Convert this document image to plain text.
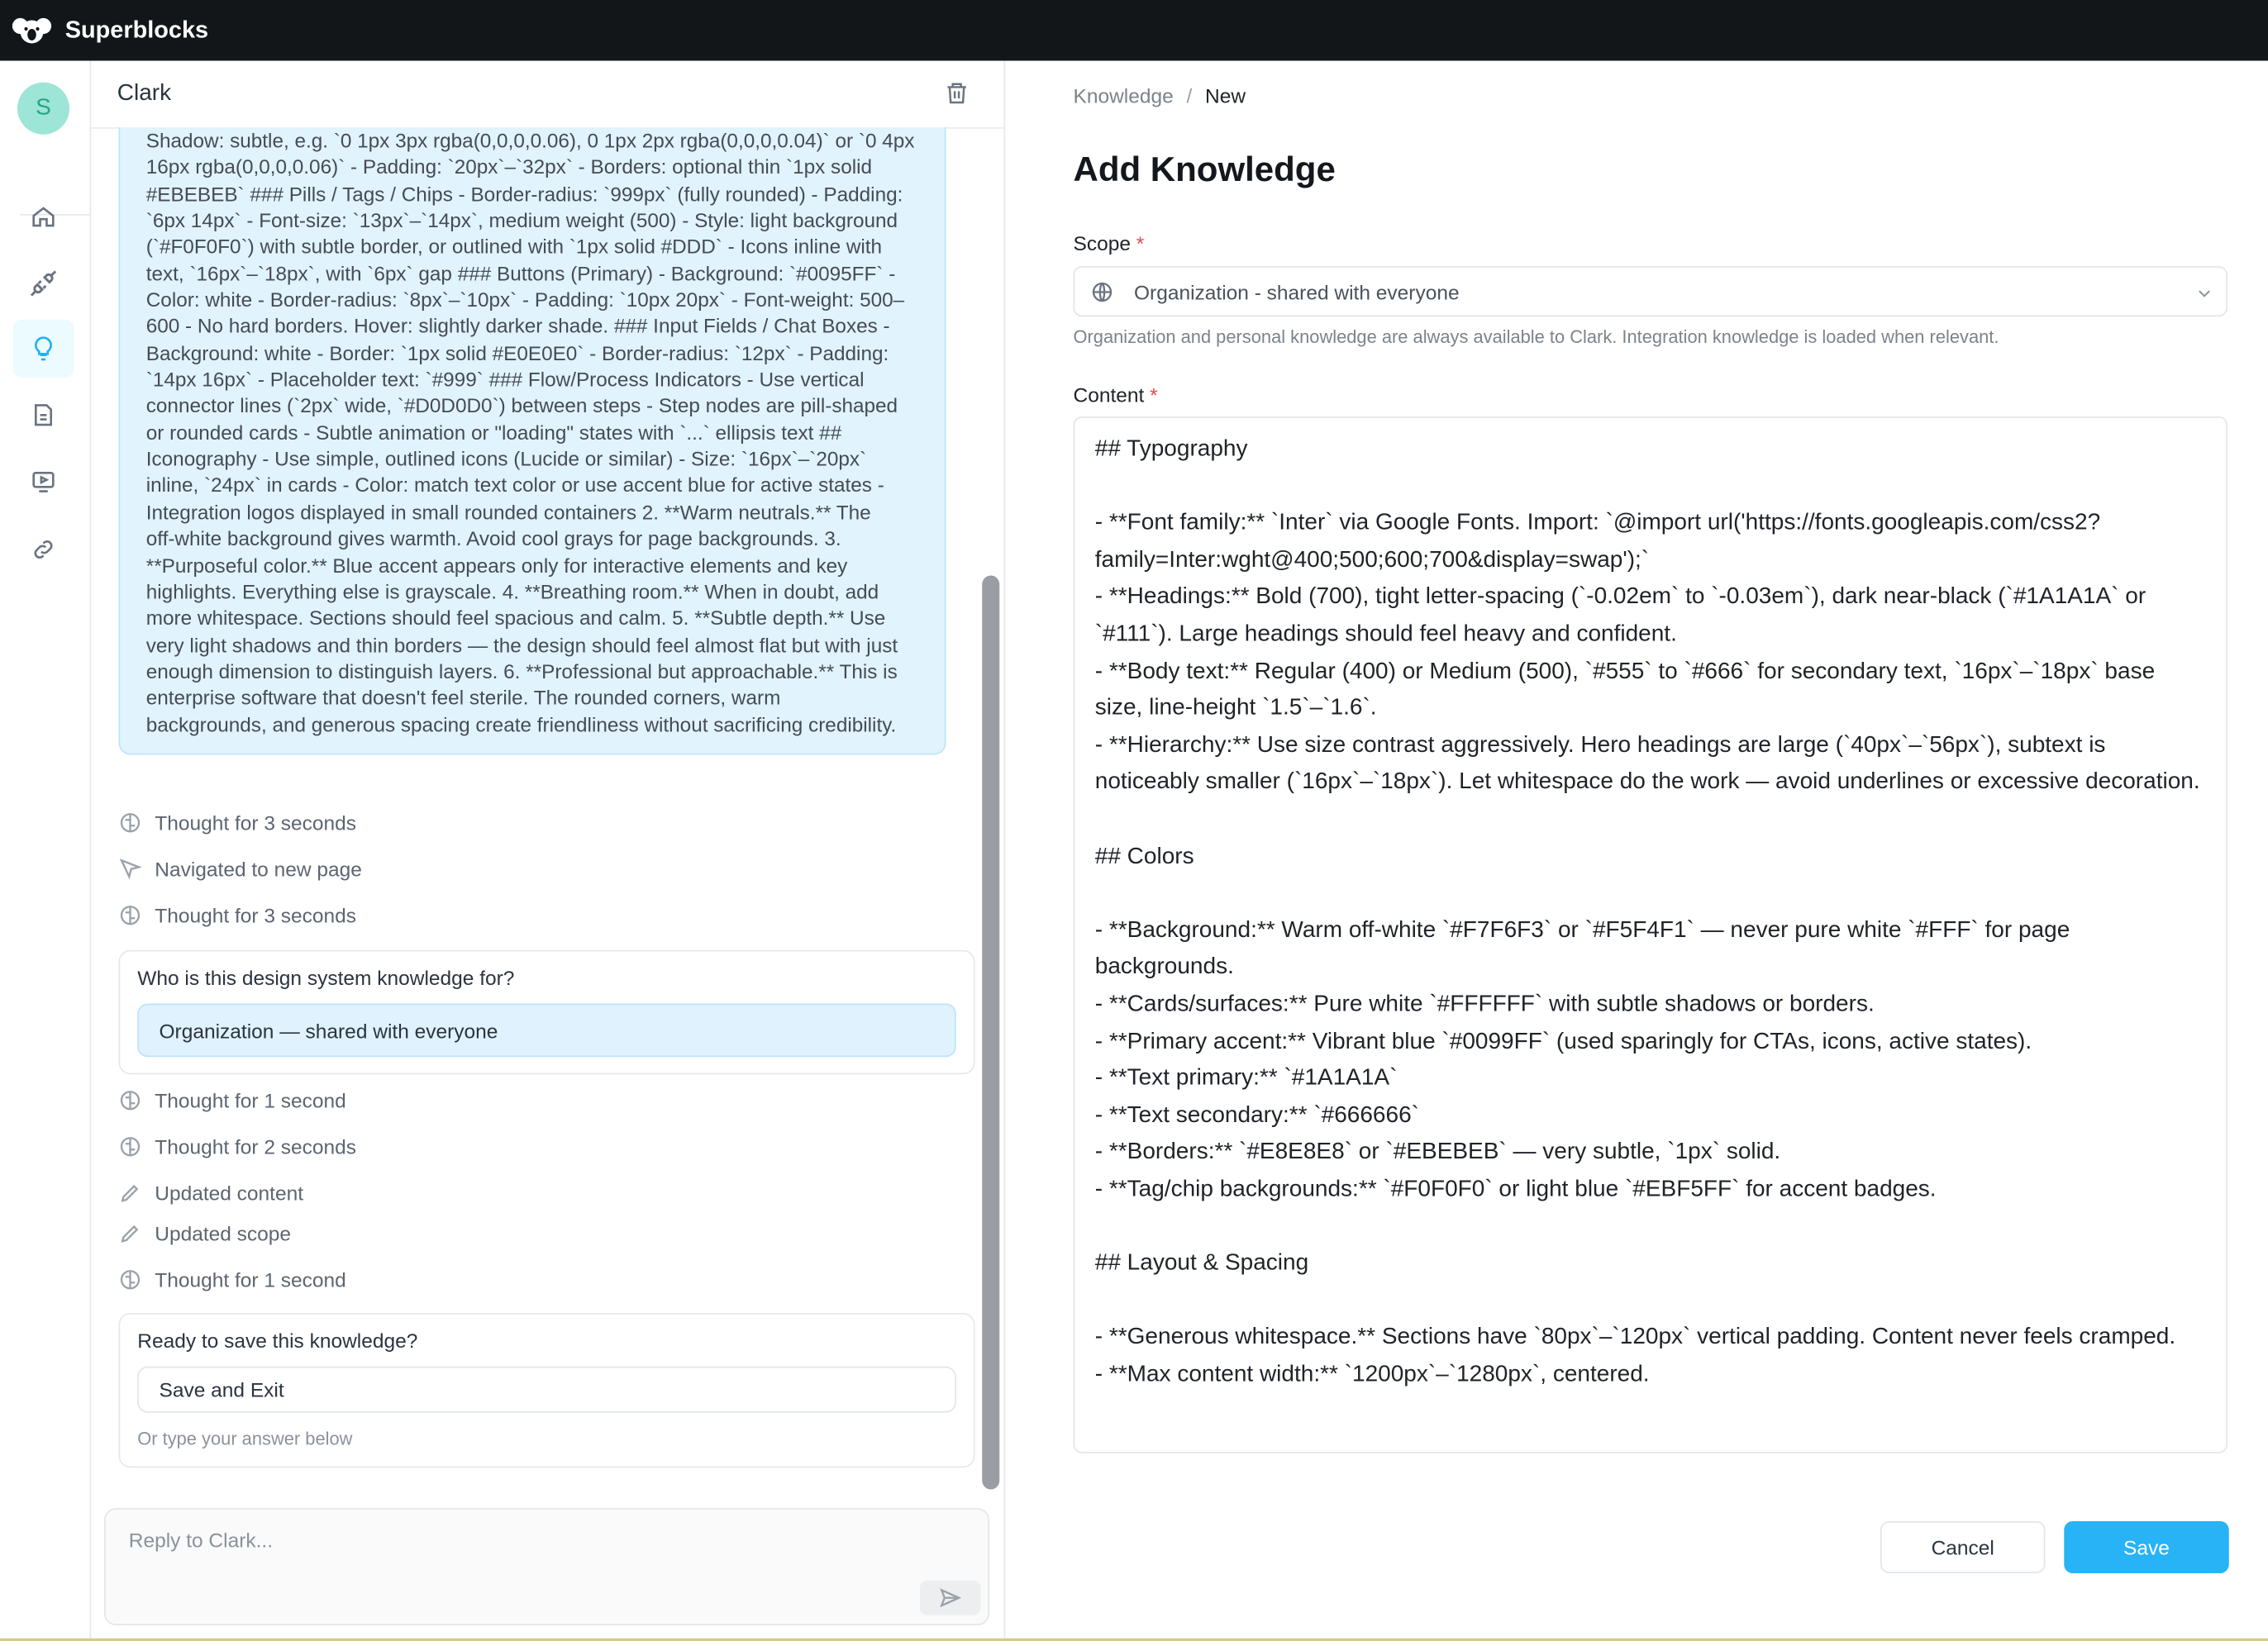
Superblocks
S
Clark
Shadow: subtle, e.g. `0 1px 3px rgba(0,0,0,0.06), 0 1px 2px rgba(0,0,0,0.04)` or `0 4px
16px rgba(0,0,0,0.06)` - Padding: `20px`–`32px` - Borders: optional thin `1px solid
#EBEBEB` ### Pills / Tags / Chips - Border-radius: `999px` (fully rounded) - Padding:
`6px 14px` - Font-size: `13px`–`14px`, medium weight (500) - Style: light background
(`#F0F0F0`) with subtle border, or outlined with `1px solid #DDD` - Icons inline with
text, `16px`–`18px`, with `6px` gap ### Buttons (Primary) - Background: `#0095FF` -
Color: white - Border-radius: `8px`–`10px` - Padding: `10px 20px` - Font-weight: 500–
600 - No hard borders. Hover: slightly darker shade. ### Input Fields / Chat Boxes -
Background: white - Border: `1px solid #E0E0E0` - Border-radius: `12px` - Padding:
`14px 16px` - Placeholder text: `#999` ### Flow/Process Indicators - Use vertical
connector lines (`2px` wide, `#D0D0D0`) between steps - Step nodes are pill-shaped
or rounded cards - Subtle animation or "loading" states with `...` ellipsis text ##
Iconography - Use simple, outlined icons (Lucide or similar) - Size: `16px`–`20px`
inline, `24px` in cards - Color: match text color or use accent blue for active states -
Integration logos displayed in small rounded containers 2. **Warm neutrals.** The
off-white background gives warmth. Avoid cool grays for page backgrounds. 3.
**Purposeful color.** Blue accent appears only for interactive elements and key
highlights. Everything else is grayscale. 4. **Breathing room.** When in doubt, add
more whitespace. Sections should feel spacious and calm. 5. **Subtle depth.** Use
very light shadows and thin borders — the design should feel almost flat but with just
enough dimension to distinguish layers. 6. **Professional but approachable.** This is
enterprise software that doesn't feel sterile. The rounded corners, warm
backgrounds, and generous spacing create friendliness without sacrificing credibility.
Thought for 3 seconds
Navigated to new page
Thought for 3 seconds
Who is this design system knowledge for?
Organization — shared with everyone
Thought for 1 second
Thought for 2 seconds
Updated content
Updated scope
Thought for 1 second
Ready to save this knowledge?
Save and Exit
Or type your answer below
Reply to Clark...
Knowledge / New
Add Knowledge
Scope *
Organization - shared with everyone
Organization and personal knowledge are always available to Clark. Integration knowledge is loaded when relevant.
Content *
## Typography

- **Font family:** `Inter` via Google Fonts. Import: `@import url('https://fonts.googleapis.com/css2?family=Inter:wght@400;500;600;700&display=swap');`
- **Headings:** Bold (700), tight letter-spacing (`-0.02em` to `-0.03em`), dark near-black (`#1A1A1A` or `#111`). Large headings should feel heavy and confident.
- **Body text:** Regular (400) or Medium (500), `#555` to `#666` for secondary text, `16px`–`18px` base size, line-height `1.5`–`1.6`.
- **Hierarchy:** Use size contrast aggressively. Hero headings are large (`40px`–`56px`), subtext is noticeably smaller (`16px`–`18px`). Let whitespace do the work — avoid underlines or excessive decoration.

## Colors

- **Background:** Warm off-white `#F7F6F3` or `#F5F4F1` — never pure white `#FFF` for page backgrounds.
- **Cards/surfaces:** Pure white `#FFFFFF` with subtle shadows or borders.
- **Primary accent:** Vibrant blue `#0099FF` (used sparingly for CTAs, icons, active states).
- **Text primary:** `#1A1A1A`
- **Text secondary:** `#666666`
- **Borders:** `#E8E8E8` or `#EBEBEB` — very subtle, `1px` solid.
- **Tag/chip backgrounds:** `#F0F0F0` or light blue `#EBF5FF` for accent badges.

## Layout & Spacing

- **Generous whitespace.** Sections have `80px`–`120px` vertical padding. Content never feels cramped.
- **Max content width:** `1200px`–`1280px`, centered.
Cancel	Save
